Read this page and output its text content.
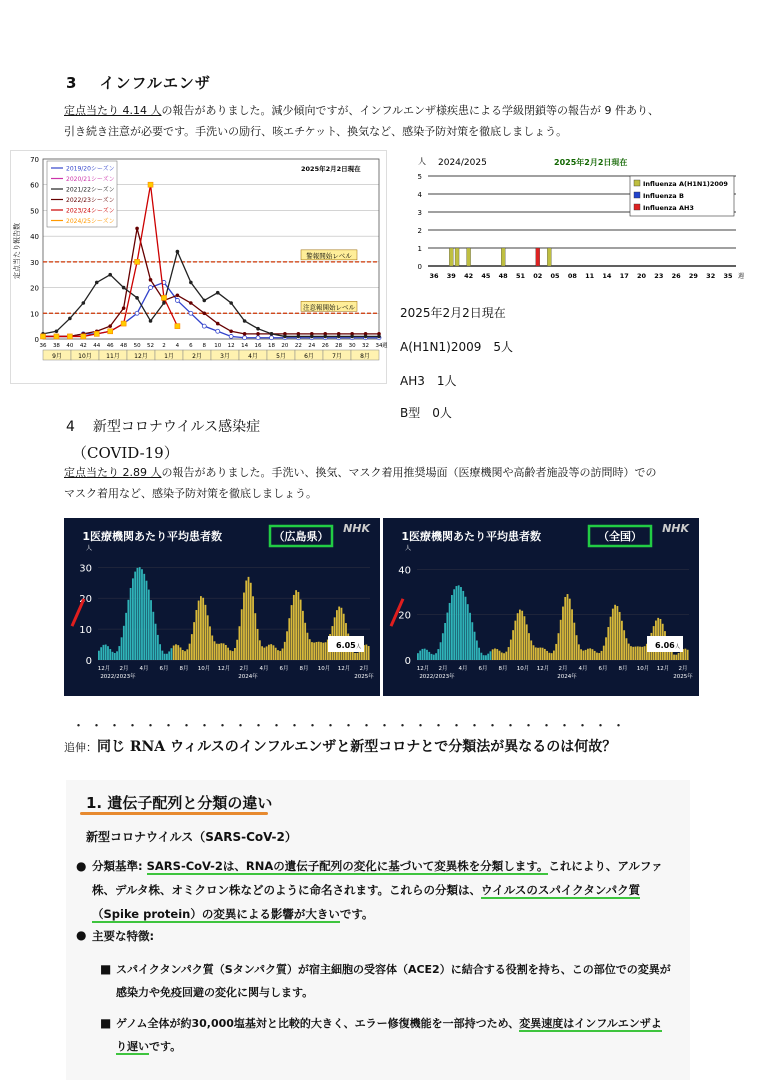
3 インフルエンザ
定点当たり 4.14 人の報告がありました。減少傾向ですが、インフルエンザ様疾患による学級閉鎖等の報告が 9 件あり、
引き続き注意が必要です。手洗いの励行、咳エチケット、換気など、感染予防対策を徹底しましょう。
0
10
20
30
40
50
60
70
定点当たり報告数	警報開始レベル
注意報開始レベル
36 38 40 42 44 46 48 50 52 2 4 6 8 10 12 14 16 18 20 22 24 26 28 30 32 34 週
9月	10月 11月 12月	1月	2月	3月	4月	5月	6月	7月	8月
2019/20シーズン
2020/21シーズン
2021/22シーズン
2022/23シーズン
2023/24シーズン
2024/25シーズン
2025年2月2日現在
人 2024/2025	2025年2月2日現在
0
1
2
3
4
5
36 39 42 45 48 51 02 05 08 11 14 17 20 23 26 29 32 35 週
Influenza A(H1N1)2009
Influenza B
Influenza AH3
2025年2月2日現在
A(H1N1)2009　5人
AH3　1人
B型　0人
4 新型コロナウイルス感染症
（COVID-19）
定点当たり 2.89 人の報告がありました。手洗い、換気、マスク着用推奨場面（医療機関や高齢者施設等の訪問時）での
マスク着用など、感染予防対策を徹底しましょう。
1医療機関あたり平均患者数	（広島県）
NHK
人
0
10
20
30
6.05 人
12月 2月 4月 6月 8月 10月 12月 2月 4月 6月 8月 10月 12月 2月
2022/2023年	2024年	2025年
1医療機関あたり平均患者数	（全国）
NHK
人
0
20
40
6.06 人
12月 2月 4月 6月 8月 10月 12月 2月 4月 6月 8月 10月 12月 2月
2022/2023年	2024年	2025年
・・・・・・・・・・・・・・・・・・・・・・・・・・・・・・・
追伸：同じ RNA ウィルスのインフルエンザと新型コロナとで分類法が異なるのは何故？
1. 遺伝子配列と分類の違い
新型コロナウイルス（SARS-CoV-2）
● 分類基準: SARS-CoV-2は、RNAの遺伝子配列の変化に基づいて変異株を分類します。これにより、アルファ株、デルタ株、オミクロン株などのように命名されます。これらの分類は、ウイルスのスパイクタンパク質（Spike protein）の変異による影響が大きいです。
● 主要な特徴:
■ スパイクタンパク質（Sタンパク質）が宿主細胞の受容体（ACE2）に結合する役割を持ち、この部位での変異が感染力や免疫回避の変化に関与します。
■ ゲノム全体が約30,000塩基対と比較的大きく、エラー修復機能を一部持つため、変異速度はインフルエンザより遅いです。
